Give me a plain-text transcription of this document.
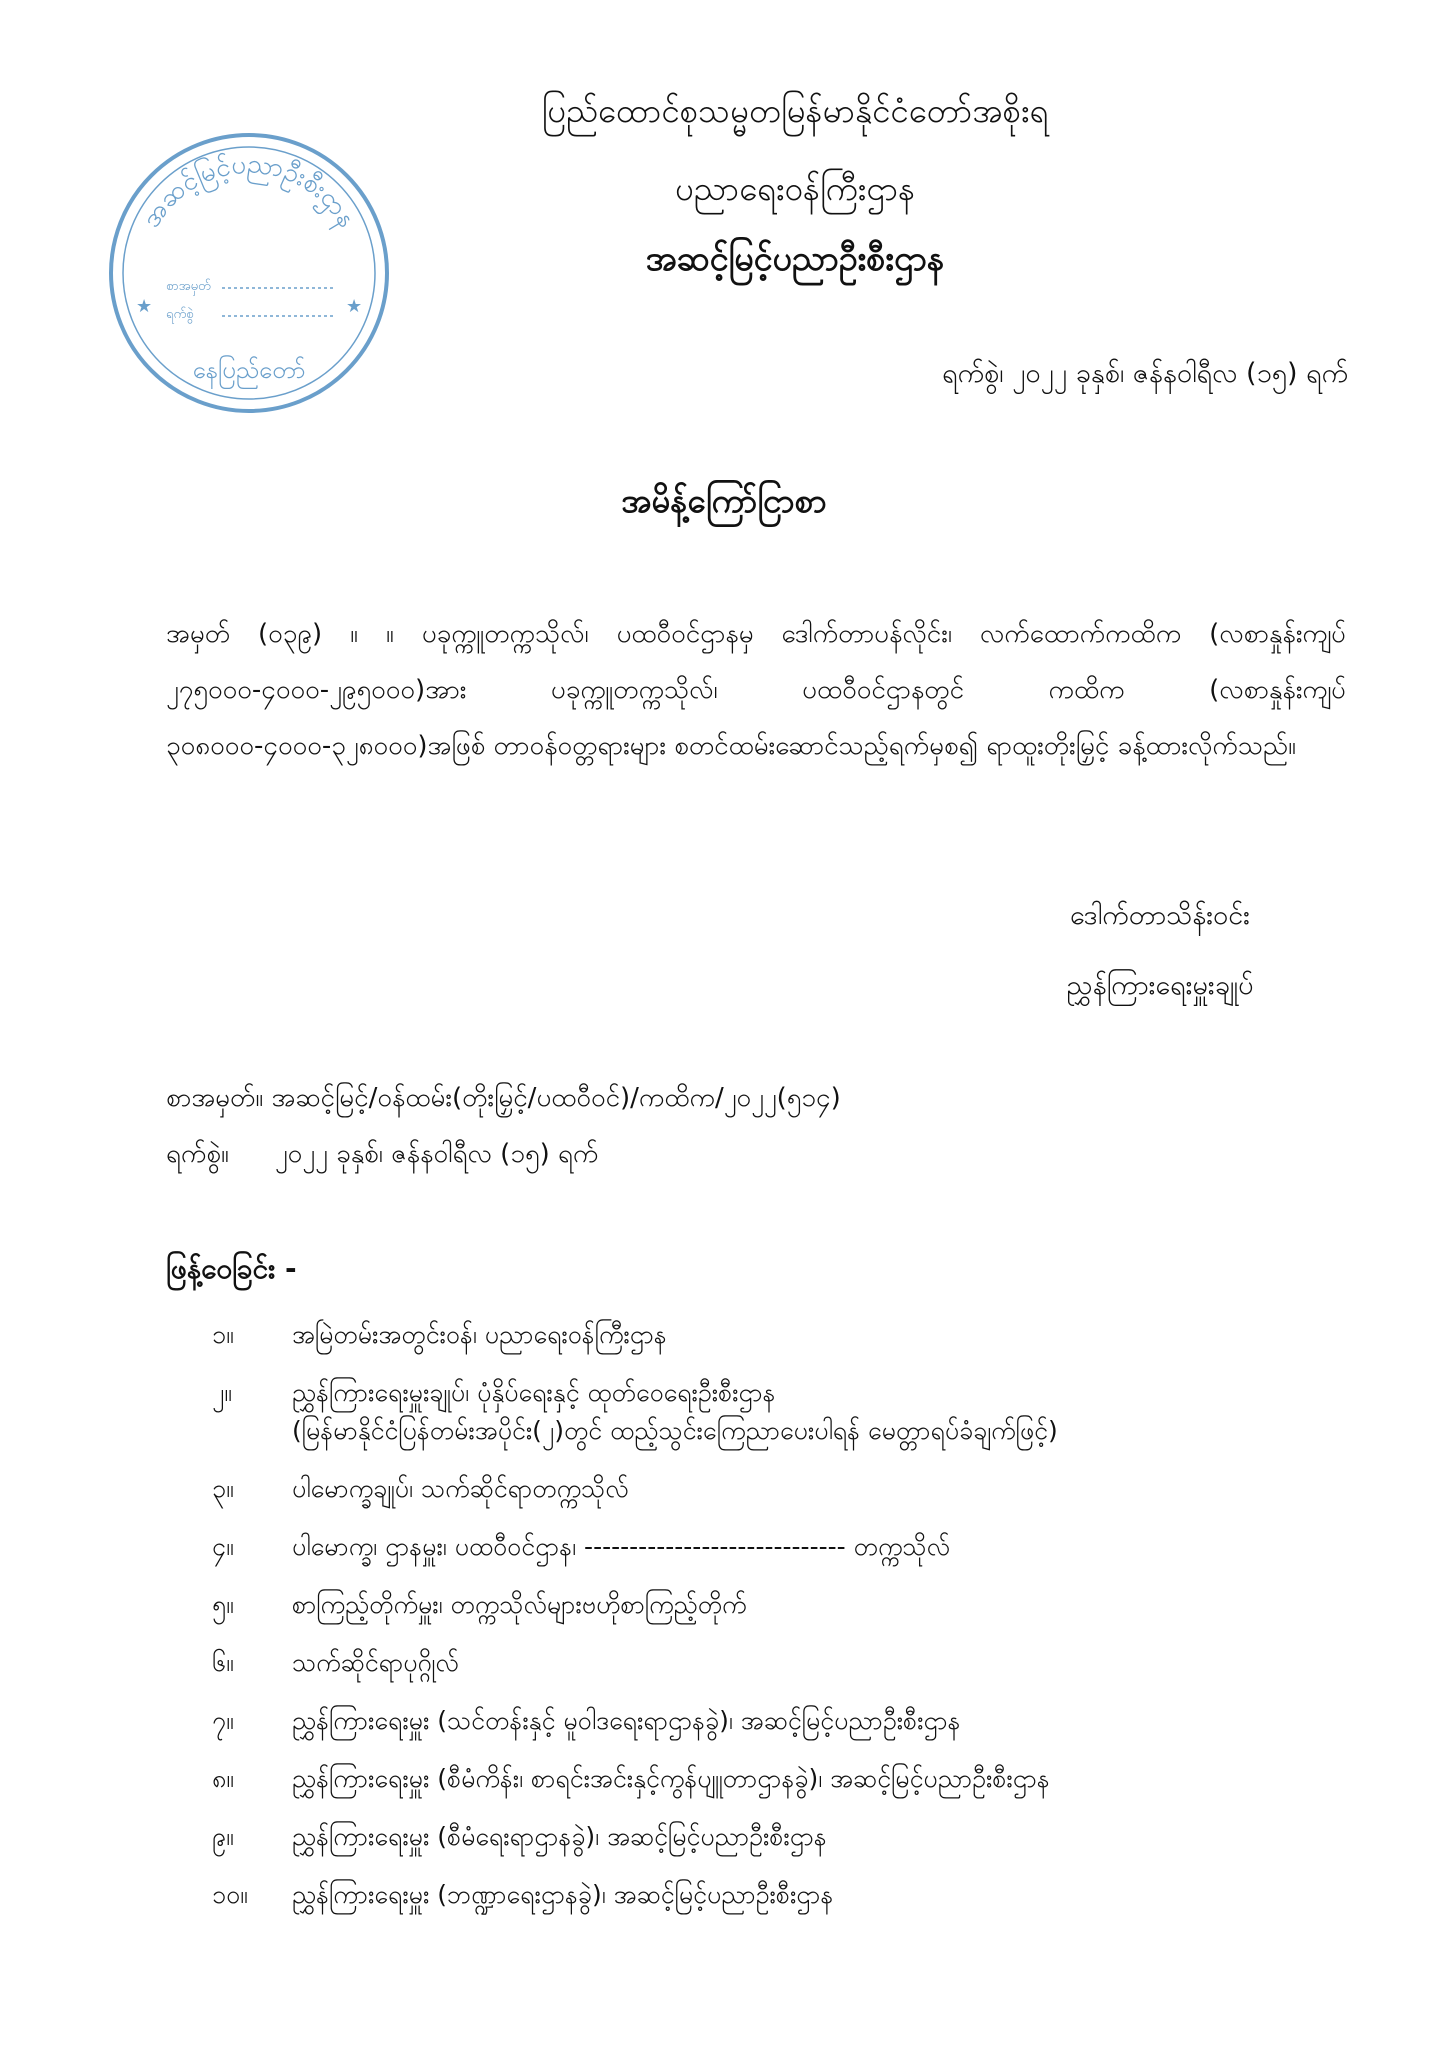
အဆင့်မြင့်ပညာဦးစီးဌာန
စာအမှတ်
ရက်စွဲ
★	★
နေပြည်တော်
ပြည်ထောင်စုသမ္မတမြန်မာနိုင်ငံတော်အစိုးရ
ပညာရေးဝန်ကြီးဌာန
အဆင့်မြင့်ပညာဦးစီးဌာန
ရက်စွဲ၊ ၂၀၂၂ ခုနှစ်၊ ဇန်နဝါရီလ (၁၅) ရက်
အမိန့်ကြော်ငြာစာ
အမှတ် (၀၃၉) ။ ။ ပခုက္ကူတက္ကသိုလ်၊ ပထဝီဝင်ဌာနမှ ဒေါက်တာပန်လိုင်း၊ လက်ထောက်ကထိက (လစာနှုန်းကျပ် ၂၇၅၀၀၀-၄၀၀၀-၂၉၅၀၀၀)အား ပခုက္ကူတက္ကသိုလ်၊ ပထဝီဝင်ဌာနတွင် ကထိက (လစာနှုန်းကျပ် ၃၀၈၀၀၀-၄၀၀၀-၃၂၈၀၀၀)အဖြစ် တာဝန်ဝတ္တရားများ စတင်ထမ်းဆောင်သည့်ရက်မှစ၍ ရာထူးတိုးမြှင့် ခန့်ထားလိုက်သည်။
ဒေါက်တာသိန်းဝင်း
ညွှန်ကြားရေးမှူးချုပ်
စာအမှတ်။ အဆင့်မြင့်/ဝန်ထမ်း(တိုးမြှင့်/ပထဝီဝင်)/ကထိက/၂၀၂၂(၅၁၄)
ရက်စွဲ။ ၂၀၂၂ ခုနှစ်၊ ဇန်နဝါရီလ (၁၅) ရက်
ဖြန့်ဝေခြင်း -
၁။	အမြဲတမ်းအတွင်းဝန်၊ ပညာရေးဝန်ကြီးဌာန
၂။	ညွှန်ကြားရေးမှူးချုပ်၊ ပုံနှိပ်ရေးနှင့် ထုတ်ဝေရေးဦးစီးဌာန
(မြန်မာနိုင်ငံပြန်တမ်းအပိုင်း(၂)တွင် ထည့်သွင်းကြေညာပေးပါရန် မေတ္တာရပ်ခံချက်ဖြင့်)
၃။	ပါမောက္ခချုပ်၊ သက်ဆိုင်ရာတက္ကသိုလ်
၄။	ပါမောက္ခ၊ ဌာနမှူး၊ ပထဝီဝင်ဌာန၊ ----------------------------- တက္ကသိုလ်
၅။	စာကြည့်တိုက်မှူး၊ တက္ကသိုလ်များဗဟိုစာကြည့်တိုက်
၆။	သက်ဆိုင်ရာပုဂ္ဂိုလ်
၇။	ညွှန်ကြားရေးမှူး (သင်တန်းနှင့် မူဝါဒရေးရာဌာနခွဲ)၊ အဆင့်မြင့်ပညာဦးစီးဌာန
၈။	ညွှန်ကြားရေးမှူး (စီမံကိန်း၊ စာရင်းအင်းနှင့်ကွန်ပျူတာဌာနခွဲ)၊ အဆင့်မြင့်ပညာဦးစီးဌာန
၉။	ညွှန်ကြားရေးမှူး (စီမံရေးရာဌာနခွဲ)၊ အဆင့်မြင့်ပညာဦးစီးဌာန
၁၀။	ညွှန်ကြားရေးမှူး (ဘဏ္ဍာရေးဌာနခွဲ)၊ အဆင့်မြင့်ပညာဦးစီးဌာန
